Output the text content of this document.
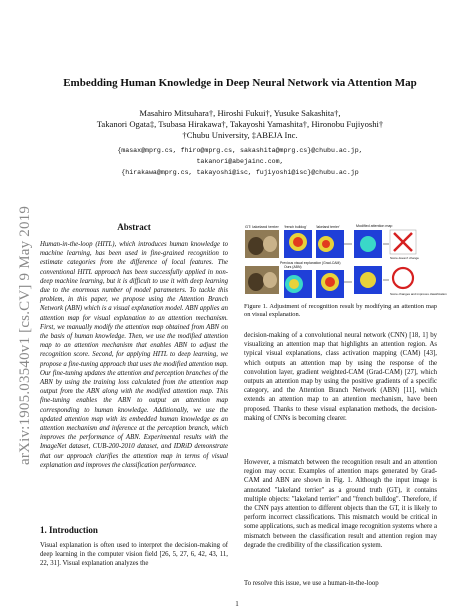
arXiv:1905.03540v1 [cs.CV] 9 May 2019
Embedding Human Knowledge in Deep Neural Network via Attention Map
Masahiro Mitsuhara†, Hiroshi Fukui†, Yusuke Sakashita†,
Takanori Ogata‡, Tsubasa Hirakawa†, Takayoshi Yamashita†, Hironobu Fujiyoshi†
†Chubu University, ‡ABEJA Inc.
{masax@mprg.cs, fhiro@mprg.cs, sakashita@mprg.cs}@chubu.ac.jp,
takanori@abejainc.com,
{hirakawa@mprg.cs, takayoshi@isc, fujiyoshi@isc}@chubu.ac.jp
Abstract
Human-in-the-loop (HITL), which introduces human knowledge to machine learning, has been used in fine-grained recognition to estimate categories from the difference of local features. The conventional HITL approach has been successfully applied in non-deep machine learning, but it is difficult to use it with deep learning due to the enormous number of model parameters. To tackle this problem, in this paper, we propose using the Attention Branch Network (ABN) which is a visual explanation model. ABN applies an attention map for visual explanation to an attention mechanism. First, we manually modify the attention map obtained from ABN on the basis of human knowledge. Then, we use the modified attention map to an attention mechanism that enables ABN to adjust the recognition score. Second, for applying HITL to deep learning, we propose a fine-tuning approach that uses the modified attention map. Our fine-tuning updates the attention and perception branches of the ABN by using the training loss calculated from the attention map output from the ABN along with the modified attention map. This fine-tuning enables the ABN to output an attention map corresponding to human knowledge. Additionally, we use the updated attention map with its embedded human knowledge as an attention mechanism and inference at the perception branch, which improves the performance of ABN. Experimental results with the ImageNet dataset, CUB-200-2010 dataset, and IDRiD demonstrate that our approach clarifies the attention map in terms of visual explanation and improves the classification performance.
1. Introduction
Visual explanation is often used to interpret the decision-making of deep learning in the computer vision field [26, 5, 27, 6, 42, 43, 11, 22, 31]. Visual explanation analyzes the
GT: lakeland terrier
Previous visual explanation (Grad-CAM)
'french bulldog'	'lakeland terrier'
Ours (ABN)
Modified attention map
Score doesn't change
Score changes and improves classification
Figure 1. Adjustment of recognition result by modifying an attention map on visual explanation.
decision-making of a convolutional neural network (CNN) [18, 1] by visualizing an attention map that highlights an attention region. As typical visual explanations, class activation mapping (CAM) [43], which outputs an attention map by using the response of the convolution layer, gradient weighted-CAM (Grad-CAM) [27], which outputs an attention map by using the positive gradients of a specific category, and the Attention Branch Network (ABN) [11], which extends an attention map to an attention mechanism, have been proposed. Thanks to these visual explanation methods, the decision-making of CNNs is becoming clearer.
However, a mismatch between the recognition result and an attention region may occur. Examples of attention maps generated by Grad-CAM and ABN are shown in Fig. 1. Although the input image is annotated "lakeland terrier" as a ground truth (GT), it contains multiple objects: "lakeland terrier" and "french bulldog". Therefore, if the CNN pays attention to different objects than the GT, it is likely to perform incorrect classifications. This mismatch would be critical in some applications, such as medical image recognition systems where a mismatch between the classification result and attention region may degrade the credibility of the classification system.
To resolve this issue, we use a human-in-the-loop
1
